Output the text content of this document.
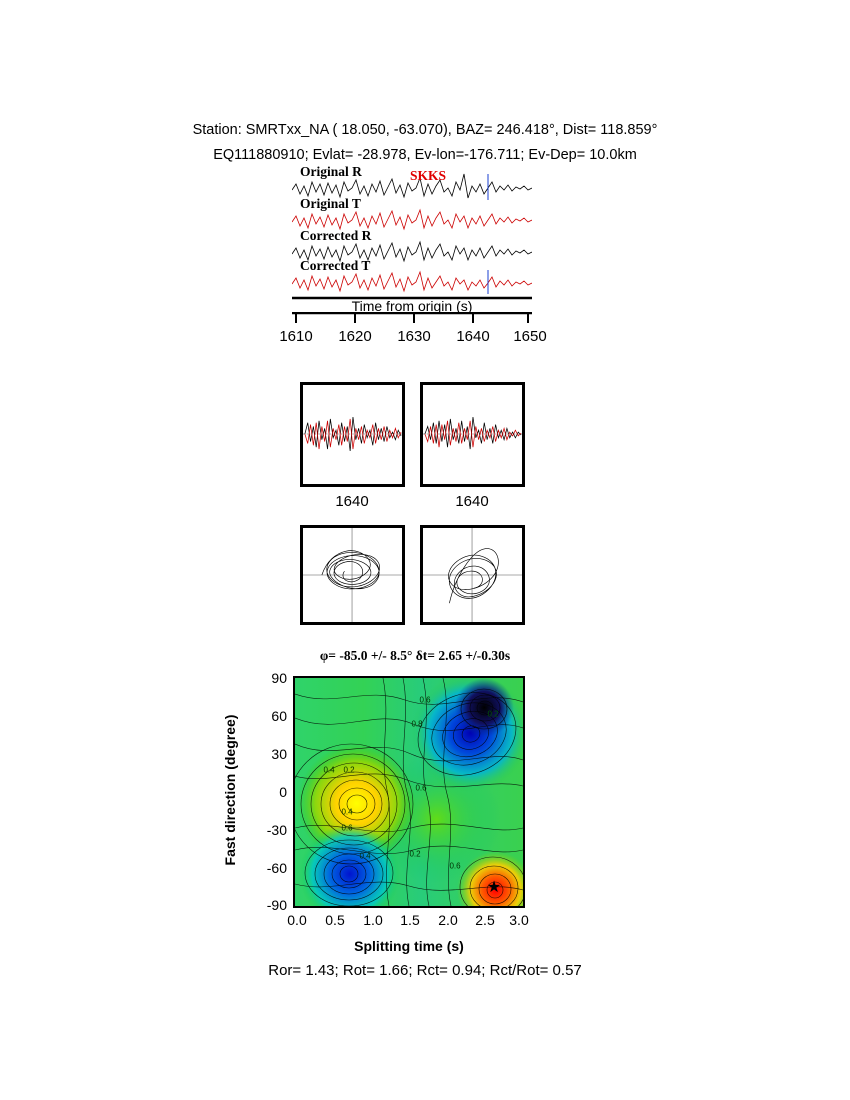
Station: SMRTxx_NA ( 18.050, -63.070), BAZ= 246.418°, Dist= 118.859°
EQ111880910; Evlat= -28.978, Ev-lon=-176.711; Ev-Dep= 10.0km
Original R
Original T
Corrected R
Corrected T
SKKS
Time from origin (s)
1610 1620 1630 1640 1650
1640	1640
φ= -85.0 +/- 8.5° δt= 2.65 +/-0.30s
Fast direction (degree)
90
60
30
0
-30
-60
-90
★
0.4 0.2
0.6
0.8
0.4
0.6
0.6
0.4	0.2
0.6
0.2
0.0 0.5 1.0 1.5 2.0 2.5 3.0
Splitting time (s)
Ror= 1.43; Rot= 1.66; Rct= 0.94; Rct/Rot= 0.57
